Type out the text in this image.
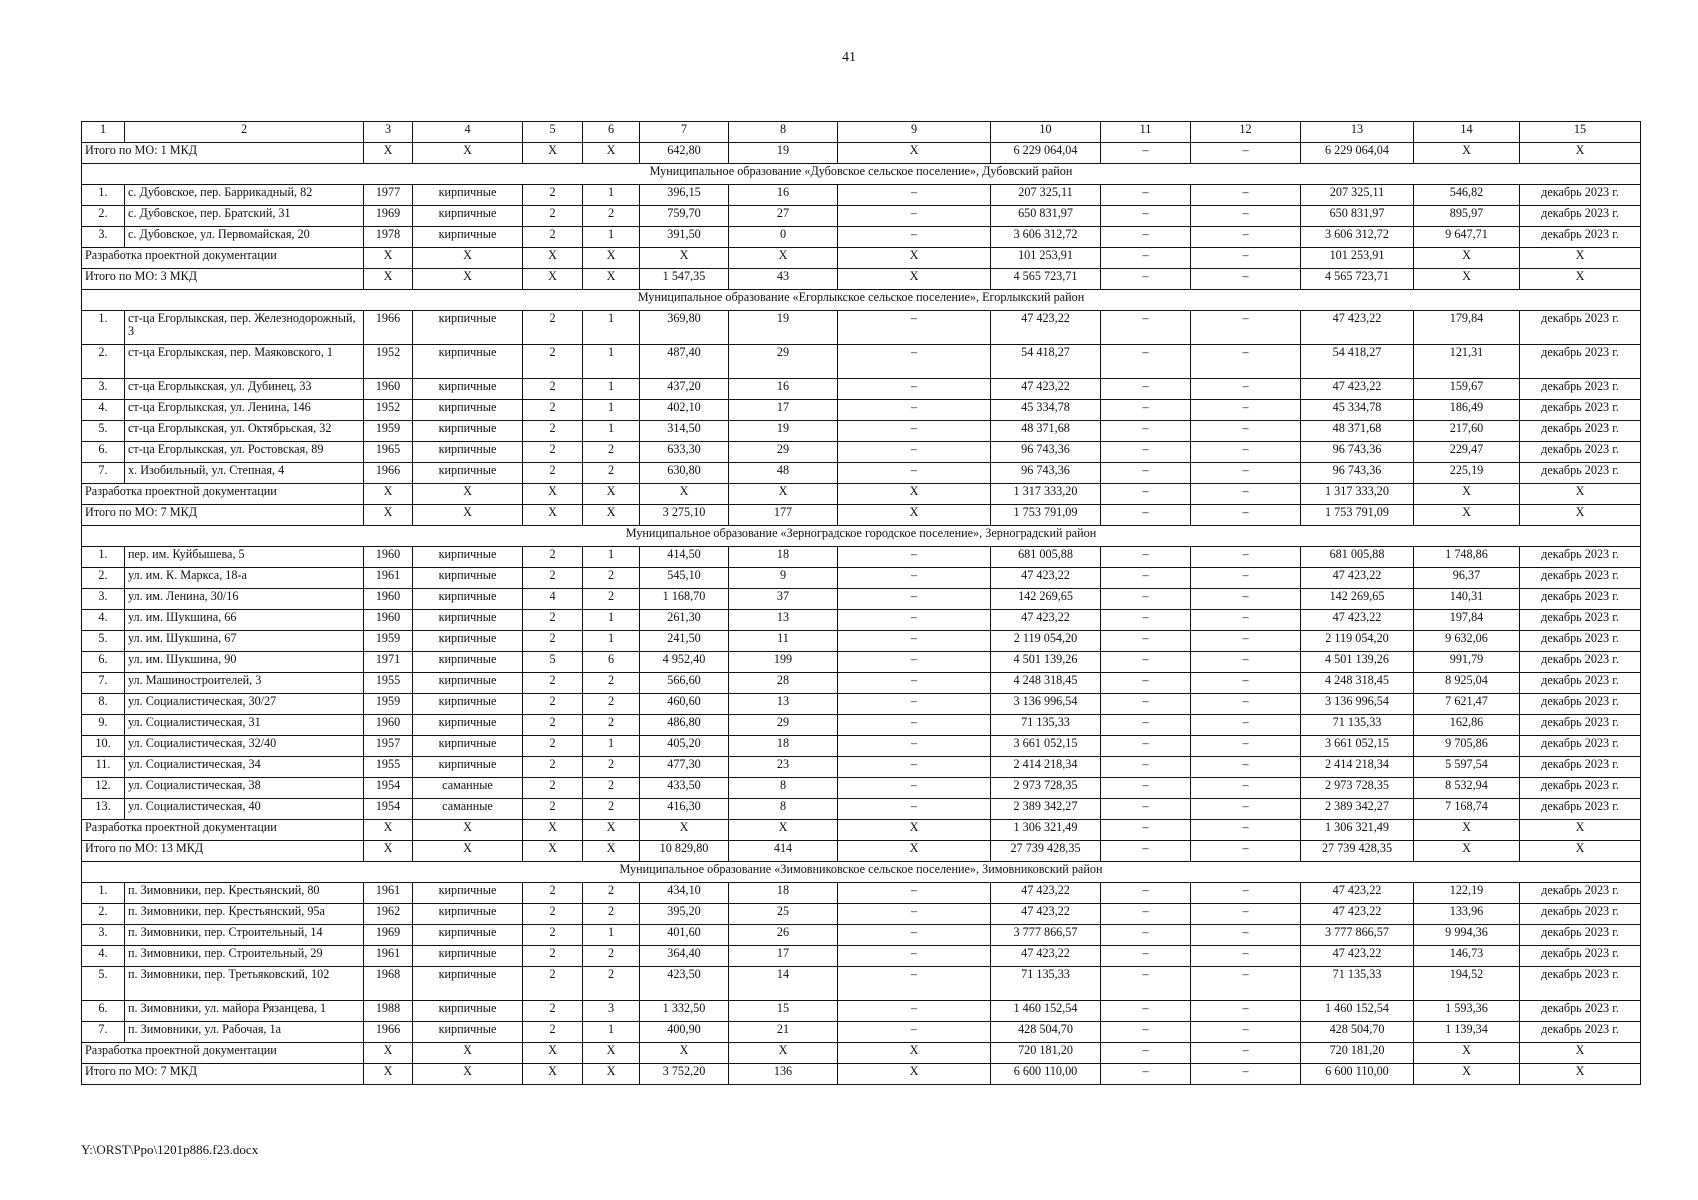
41
1	2	3	4	5	6	7	8	9	10	11	12	13	14	15
Итого по МО: 1 МКД		Х	Х	Х	Х	642,80	19	Х	6 229 064,04	–	–	6 229 064,04	Х	Х
Муниципальное образование «Дубовское сельское поселение», Дубовский район														
1.	с. Дубовское, пер. Баррикадный, 82	1977	кирпичные	2	1	396,15	16	–	207 325,11	–	–	207 325,11	546,82	декабрь 2023 г.
2.	с. Дубовское, пер. Братский, 31	1969	кирпичные	2	2	759,70	27	–	650 831,97	–	–	650 831,97	895,97	декабрь 2023 г.
3.	с. Дубовское, ул. Первомайская, 20	1978	кирпичные	2	1	391,50	0	–	3 606 312,72	–	–	3 606 312,72	9 647,71	декабрь 2023 г.
Разработка проектной документации		Х	Х	Х	Х	Х	Х	Х	101 253,91	–	–	101 253,91	Х	Х
Итого по МО: 3 МКД		Х	Х	Х	Х	1 547,35	43	Х	4 565 723,71	–	–	4 565 723,71	Х	Х
Муниципальное образование «Егорлыкское сельское поселение», Егорлыкский район														
1.	ст-ца Егорлыкская, пер. Железнодорожный, 3	1966	кирпичные	2	1	369,80	19	–	47 423,22	–	–	47 423,22	179,84	декабрь 2023 г.
2.	ст-ца Егорлыкская, пер. Маяковского, 1	1952	кирпичные	2	1	487,40	29	–	54 418,27	–	–	54 418,27	121,31	декабрь 2023 г.
3.	ст-ца Егорлыкская, ул. Дубинец, 33	1960	кирпичные	2	1	437,20	16	–	47 423,22	–	–	47 423,22	159,67	декабрь 2023 г.
4.	ст-ца Егорлыкская, ул. Ленина, 146	1952	кирпичные	2	1	402,10	17	–	45 334,78	–	–	45 334,78	186,49	декабрь 2023 г.
5.	ст-ца Егорлыкская, ул. Октябрьская, 32	1959	кирпичные	2	1	314,50	19	–	48 371,68	–	–	48 371,68	217,60	декабрь 2023 г.
6.	ст-ца Егорлыкская, ул. Ростовская, 89	1965	кирпичные	2	2	633,30	29	–	96 743,36	–	–	96 743,36	229,47	декабрь 2023 г.
7.	х. Изобильный, ул. Степная, 4	1966	кирпичные	2	2	630,80	48	–	96 743,36	–	–	96 743,36	225,19	декабрь 2023 г.
Разработка проектной документации		Х	Х	Х	Х	Х	Х	Х	1 317 333,20	–	–	1 317 333,20	Х	Х
Итого по МО: 7 МКД		Х	Х	Х	Х	3 275,10	177	Х	1 753 791,09	–	–	1 753 791,09	Х	Х
Муниципальное образование «Зерноградское городское поселение», Зерноградский район														
1.	пер. им. Куйбышева, 5	1960	кирпичные	2	1	414,50	18	–	681 005,88	–	–	681 005,88	1 748,86	декабрь 2023 г.
2.	ул. им. К. Маркса, 18-а	1961	кирпичные	2	2	545,10	9	–	47 423,22	–	–	47 423,22	96,37	декабрь 2023 г.
3.	ул. им. Ленина, 30/16	1960	кирпичные	4	2	1 168,70	37	–	142 269,65	–	–	142 269,65	140,31	декабрь 2023 г.
4.	ул. им. Шукшина, 66	1960	кирпичные	2	1	261,30	13	–	47 423,22	–	–	47 423,22	197,84	декабрь 2023 г.
5.	ул. им. Шукшина, 67	1959	кирпичные	2	1	241,50	11	–	2 119 054,20	–	–	2 119 054,20	9 632,06	декабрь 2023 г.
6.	ул. им. Шукшина, 90	1971	кирпичные	5	6	4 952,40	199	–	4 501 139,26	–	–	4 501 139,26	991,79	декабрь 2023 г.
7.	ул. Машиностроителей, 3	1955	кирпичные	2	2	566,60	28	–	4 248 318,45	–	–	4 248 318,45	8 925,04	декабрь 2023 г.
8.	ул. Социалистическая, 30/27	1959	кирпичные	2	2	460,60	13	–	3 136 996,54	–	–	3 136 996,54	7 621,47	декабрь 2023 г.
9.	ул. Социалистическая, 31	1960	кирпичные	2	2	486,80	29	–	71 135,33	–	–	71 135,33	162,86	декабрь 2023 г.
10.	ул. Социалистическая, 32/40	1957	кирпичные	2	1	405,20	18	–	3 661 052,15	–	–	3 661 052,15	9 705,86	декабрь 2023 г.
11.	ул. Социалистическая, 34	1955	кирпичные	2	2	477,30	23	–	2 414 218,34	–	–	2 414 218,34	5 597,54	декабрь 2023 г.
12.	ул. Социалистическая, 38	1954	саманные	2	2	433,50	8	–	2 973 728,35	–	–	2 973 728,35	8 532,94	декабрь 2023 г.
13.	ул. Социалистическая, 40	1954	саманные	2	2	416,30	8	–	2 389 342,27	–	–	2 389 342,27	7 168,74	декабрь 2023 г.
Разработка проектной документации		Х	Х	Х	Х	Х	Х	Х	1 306 321,49	–	–	1 306 321,49	Х	Х
Итого по МО: 13 МКД		Х	Х	Х	Х	10 829,80	414	Х	27 739 428,35	–	–	27 739 428,35	Х	Х
Муниципальное образование «Зимовниковское сельское поселение», Зимовниковский район														
1.	п. Зимовники, пер. Крестьянский, 80	1961	кирпичные	2	2	434,10	18	–	47 423,22	–	–	47 423,22	122,19	декабрь 2023 г.
2.	п. Зимовники, пер. Крестьянский, 95а	1962	кирпичные	2	2	395,20	25	–	47 423,22	–	–	47 423,22	133,96	декабрь 2023 г.
3.	п. Зимовники, пер. Строительный, 14	1969	кирпичные	2	1	401,60	26	–	3 777 866,57	–	–	3 777 866,57	9 994,36	декабрь 2023 г.
4.	п. Зимовники, пер. Строительный, 29	1961	кирпичные	2	2	364,40	17	–	47 423,22	–	–	47 423,22	146,73	декабрь 2023 г.
5.	п. Зимовники, пер. Третьяковский, 102	1968	кирпичные	2	2	423,50	14	–	71 135,33	–	–	71 135,33	194,52	декабрь 2023 г.
6.	п. Зимовники, ул. майора Рязанцева, 1	1988	кирпичные	2	3	1 332,50	15	–	1 460 152,54	–	–	1 460 152,54	1 593,36	декабрь 2023 г.
7.	п. Зимовники, ул. Рабочая, 1а	1966	кирпичные	2	1	400,90	21	–	428 504,70	–	–	428 504,70	1 139,34	декабрь 2023 г.
Разработка проектной документации		Х	Х	Х	Х	Х	Х	Х	720 181,20	–	–	720 181,20	Х	Х
Итого по МО: 7 МКД		Х	Х	Х	Х	3 752,20	136	Х	6 600 110,00	–	–	6 600 110,00	Х	Х
Y:\ORST\Ppo\1201p886.f23.docx
